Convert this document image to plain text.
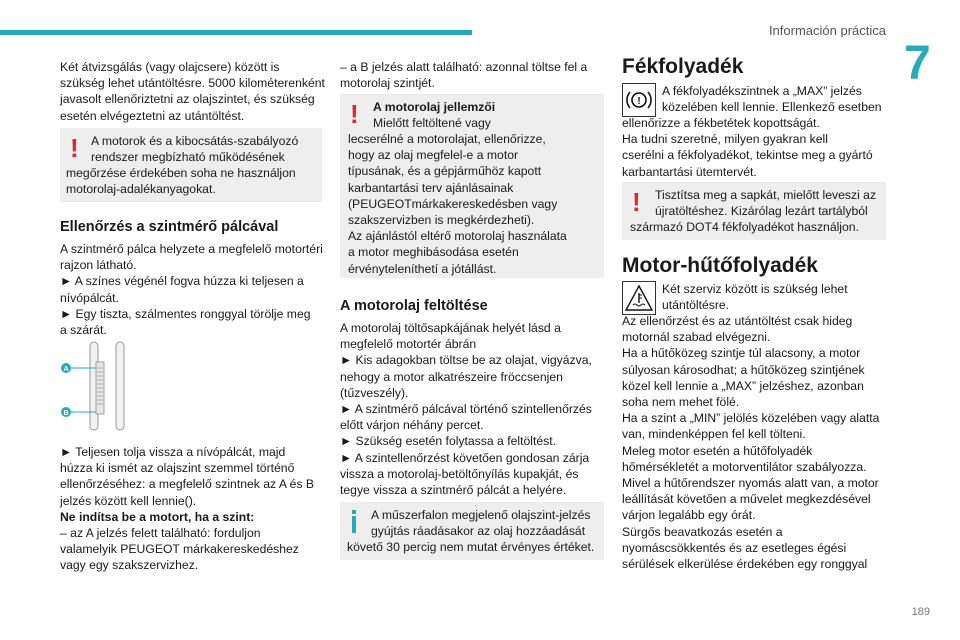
Información práctica
7
189

Két átvizsgálás (vagy olajcsere) között is

szükség lehet utántöltésre. 5000 kilométerenként

javasolt ellenőriztetni az olajszintet, és szükség

esetén elvégeztetni az utántöltést.

! A motorok és a kibocsátás-szabályozó
rendszer megbízható működésének
megőrzése érdekében soha ne használjon
motorolaj-adalékanyagokat.
Ellenőrzés a szintmérő pálcával

A szintmérő pálca helyzete a megfelelő motortéri

rajzon látható.

► A színes végénél fogva húzza ki teljesen a

nívópálcát.

► Egy tiszta, szálmentes ronggyal törölje meg

a szárát.

A
B

► Teljesen tolja vissza a nívópálcát, majd

húzza ki ismét az olajszint szemmel történő

ellenőrzéséhez: a megfelelő szintnek az A és B

jelzés között kell lennie().

Ne indítsa be a motort, ha a szint:

– az A jelzés felett található: forduljon

valamelyik PEUGEOT márkakereskedéshez

vagy egy szakszervizhez.

– a B jelzés alatt található: azonnal töltse fel a

motorolaj szintjét.

! A motorolaj jellemzői
Mielőtt feltöltené vagy

lecserélné a motorolajat, ellenőrizze,

hogy az olaj megfelel-e a motor

típusának, és a gépjárműhöz kapott

karbantartási terv ajánlásainak

(PEUGEOTmárkakereskedésben vagy

szakszervizben is megkérdezheti).

Az ajánlástól eltérő motorolaj használata

a motor meghibásodása esetén

érvényteleníthetí a jótállást.

A motorolaj feltöltése

A motorolaj töltősapkájának helyét lásd a

megfelelő motortér ábrán

► Kis adagokban töltse be az olajat, vigyázva,

nehogy a motor alkatrészeire fröccsenjen

(tűzveszély).

► A szintmérő pálcával történő szintellenőrzés

előtt várjon néhány percet.

► Szükség esetén folytassa a feltöltést.

► A szintellenőrzést követően gondosan zárja

vissza a motorolaj-betöltőnyílás kupakját, és

tegye vissza a szintmérő pálcát a helyére.

A műszerfalon megjelenő olajszint-jelzés
gyújtás ráadásakor az olaj hozzáadását
követő 30 percig nem mutat érvényes értéket.
Fékfolyadék
!

A fékfolyadékszintnek a „MAX” jelzés

közelében kell lennie. Ellenkező esetben

ellenőrizze a fékbetétek kopottságát.

Ha tudni szeretné, milyen gyakran kell

cserélni a fékfolyadékot, tekintse meg a gyártó

karbantartási ütemtervét.

! Tisztítsa meg a sapkát, mielőtt leveszi az
újratöltéshez. Kizárólag lezárt tartályból
származó DOT4 fékfolyadékot használjon.
Motor-hűtőfolyadék

Két szerviz között is szükség lehet

utántöltésre.

Az ellenőrzést és az utántöltést csak hideg

motornál szabad elvégezni.

Ha a hűtőközeg szintje túl alacsony, a motor

súlyosan károsodhat; a hűtőközeg szintjének

közel kell lennie a „MAX” jelzéshez, azonban

soha nem mehet fölé.

Ha a szint a „MIN” jelölés közelében vagy alatta

van, mindenképpen fel kell tölteni.

Meleg motor esetén a hűtőfolyadék

hőmérsékletét a motorventilátor szabályozza.

Mivel a hűtőrendszer nyomás alatt van, a motor

leállítását követően a művelet megkezdésével

várjon legalább egy órát.

Sürgős beavatkozás esetén a

nyomáscsökkentés és az esetleges égési

sérülések elkerülése érdekében egy ronggyal
